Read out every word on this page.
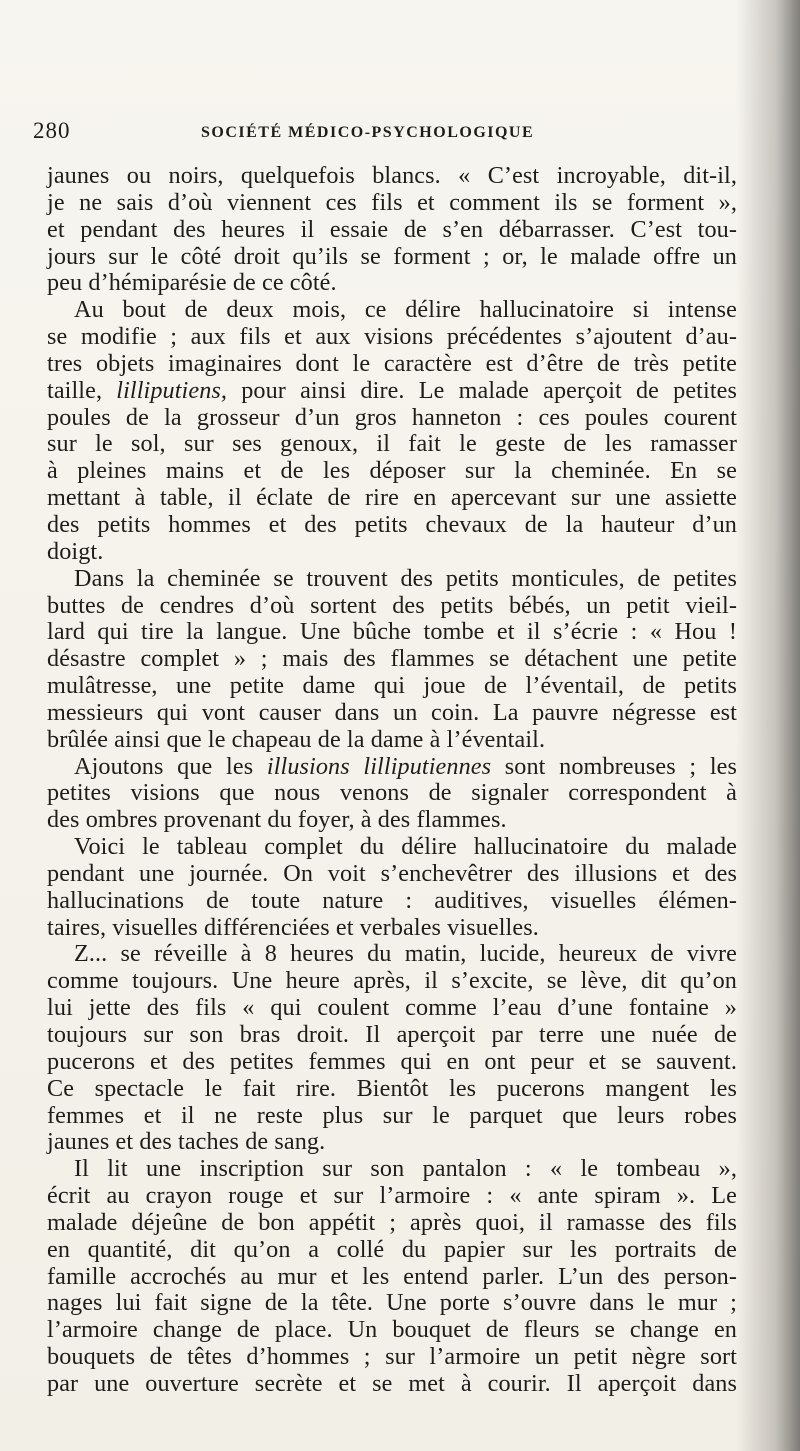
280	SOCIÉTÉ MÉDICO-PSYCHOLOGIQUE
jaunes ou noirs, quelquefois blancs. « C’est incroyable, dit-il,
je ne sais d’où viennent ces fils et comment ils se forment »,
et pendant des heures il essaie de s’en débarrasser. C’est tou-
jours sur le côté droit qu’ils se forment ; or, le malade offre un
peu d’hémiparésie de ce côté.
Au bout de deux mois, ce délire hallucinatoire si intense
se modifie ; aux fils et aux visions précédentes s’ajoutent d’au-
tres objets imaginaires dont le caractère est d’être de très petite
taille, lilliputiens, pour ainsi dire. Le malade aperçoit de petites
poules de la grosseur d’un gros hanneton : ces poules courent
sur le sol, sur ses genoux, il fait le geste de les ramasser
à pleines mains et de les déposer sur la cheminée. En se
mettant à table, il éclate de rire en apercevant sur une assiette
des petits hommes et des petits chevaux de la hauteur d’un
doigt.
Dans la cheminée se trouvent des petits monticules, de petites
buttes de cendres d’où sortent des petits bébés, un petit vieil-
lard qui tire la langue. Une bûche tombe et il s’écrie : « Hou !
désastre complet » ; mais des flammes se détachent une petite
mulâtresse, une petite dame qui joue de l’éventail, de petits
messieurs qui vont causer dans un coin. La pauvre négresse est
brûlée ainsi que le chapeau de la dame à l’éventail.
Ajoutons que les illusions lilliputiennes sont nombreuses ; les
petites visions que nous venons de signaler correspondent à
des ombres provenant du foyer, à des flammes.
Voici le tableau complet du délire hallucinatoire du malade
pendant une journée. On voit s’enchevêtrer des illusions et des
hallucinations de toute nature : auditives, visuelles élémen-
taires, visuelles différenciées et verbales visuelles.
Z... se réveille à 8 heures du matin, lucide, heureux de vivre
comme toujours. Une heure après, il s’excite, se lève, dit qu’on
lui jette des fils « qui coulent comme l’eau d’une fontaine »
toujours sur son bras droit. Il aperçoit par terre une nuée de
pucerons et des petites femmes qui en ont peur et se sauvent.
Ce spectacle le fait rire. Bientôt les pucerons mangent les
femmes et il ne reste plus sur le parquet que leurs robes
jaunes et des taches de sang.
Il lit une inscription sur son pantalon : « le tombeau »,
écrit au crayon rouge et sur l’armoire : « ante spiram ». Le
malade déjeûne de bon appétit ; après quoi, il ramasse des fils
en quantité, dit qu’on a collé du papier sur les portraits de
famille accrochés au mur et les entend parler. L’un des person-
nages lui fait signe de la tête. Une porte s’ouvre dans le mur ;
l’armoire change de place. Un bouquet de fleurs se change en
bouquets de têtes d’hommes ; sur l’armoire un petit nègre sort
par une ouverture secrète et se met à courir. Il aperçoit dans
